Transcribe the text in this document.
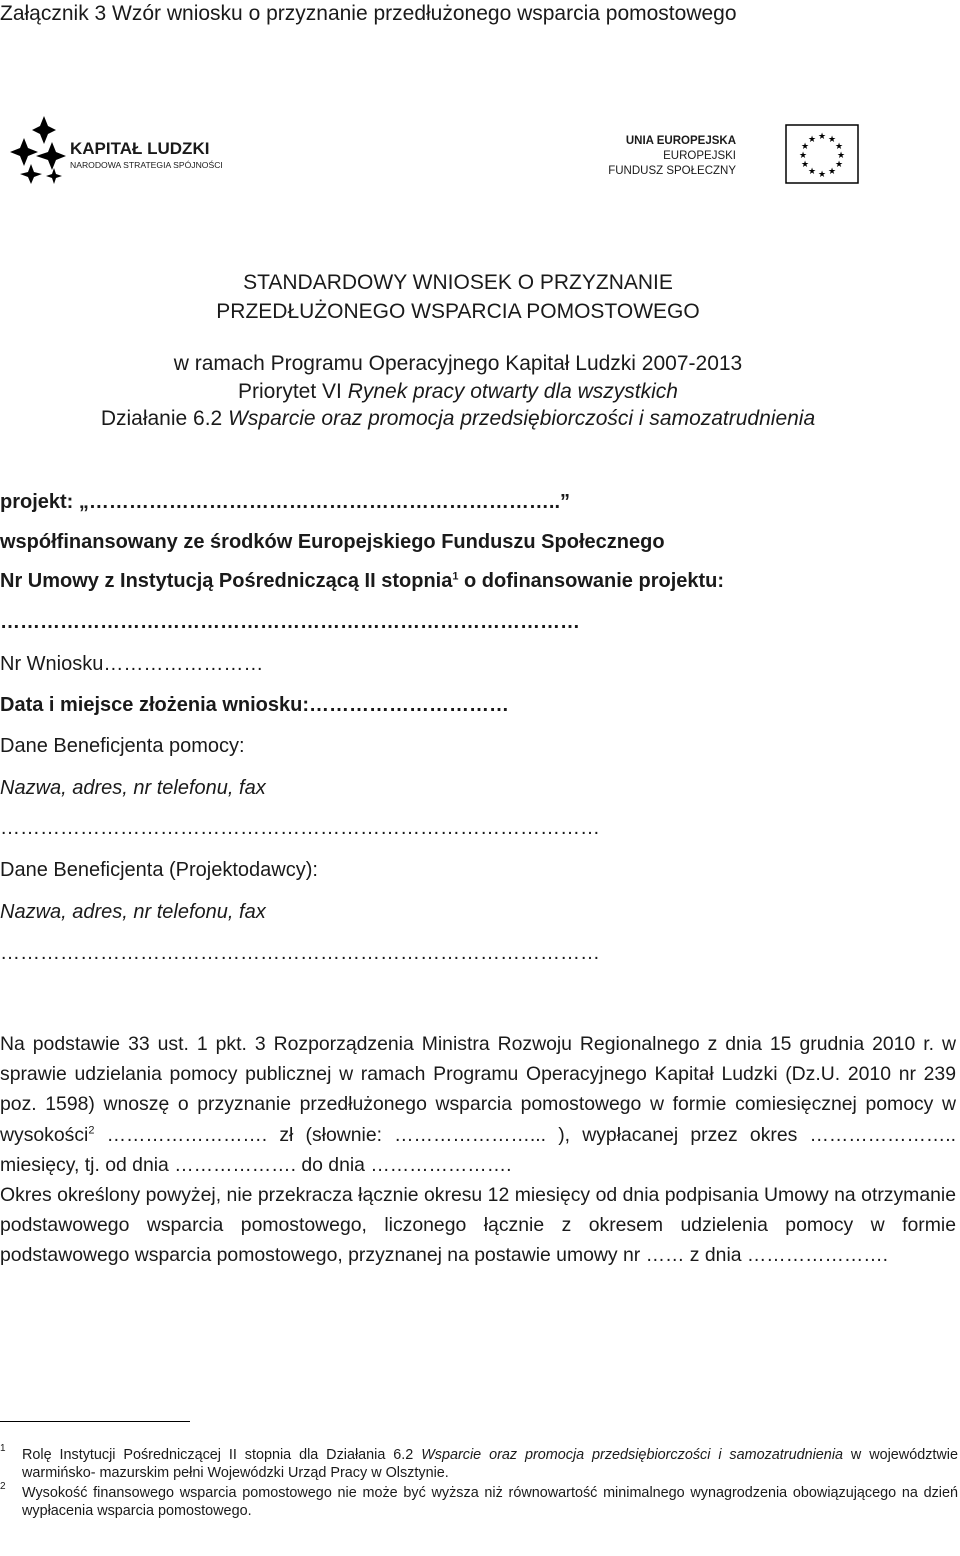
Załącznik 3 Wzór wniosku o przyznanie przedłużonego wsparcia pomostowego
KAPITAŁ LUDZKI
NARODOWA STRATEGIA SPÓJNOŚCI
UNIA EUROPEJSKA
EUROPEJSKI
FUNDUSZ SPOŁECZNY
★ ★
★
★
★
★
★
★
★
★
★
★
STANDARDOWY WNIOSEK O PRZYZNANIE
PRZEDŁUŻONEGO WSPARCIA POMOSTOWEGO
w ramach Programu Operacyjnego Kapitał Ludzki 2007-2013
Priorytet VI Rynek pracy otwarty dla wszystkich
Działanie 6.2 Wsparcie oraz promocja przedsiębiorczości i samozatrudnienia
projekt: „……………………………………………………………..”
współfinansowany ze środków Europejskiego Funduszu Społecznego
Nr Umowy z Instytucją Pośredniczącą II stopnia$^1$ o dofinansowanie projektu:
……………………………………………………………………………
Nr Wniosku……………………
Data i miejsce złożenia wniosku:…………………………
Dane Beneficjenta pomocy:
Nazwa, adres, nr telefonu, fax
………………………………………………………………………………
Dane Beneficjenta (Projektodawcy):
Nazwa, adres, nr telefonu, fax
………………………………………………………………………………

Na podstawie 33 ust. 1 pkt. 3 Rozporządzenia Ministra Rozwoju Regionalnego z dnia 15 grudnia 2010 r. w sprawie udzielania pomocy publicznej w ramach Programu Operacyjnego Kapitał Ludzki (Dz.U. 2010 nr 239 poz. 1598) wnoszę o przyznanie przedłużonego wsparcia pomostowego w formie comiesięcznej pomocy w wysokości$^2$ ……………………. zł (słownie: …………………... ), wypłacanej przez okres ………………….. miesięcy, tj. od dnia ………………. do dnia ………………….

Okres określony powyżej, nie przekracza łącznie okresu 12 miesięcy od dnia podpisania Umowy na otrzymanie podstawowego wsparcia pomostowego, liczonego łącznie z okresem udzielenia pomocy w formie podstawowego wsparcia pomostowego, przyznanej na postawie umowy nr …… z dnia ………………….

1	Rolę Instytucji Pośredniczącej II stopnia dla Działania 6.2 Wsparcie oraz promocja przedsiębiorczości i samozatrudnienia w województwie warmińsko- mazurskim pełni Wojewódzki Urząd Pracy w Olsztynie.
2	Wysokość finansowego wsparcia pomostowego nie może być wyższa niż równowartość minimalnego wynagrodzenia obowiązującego na dzień wypłacenia wsparcia pomostowego.
